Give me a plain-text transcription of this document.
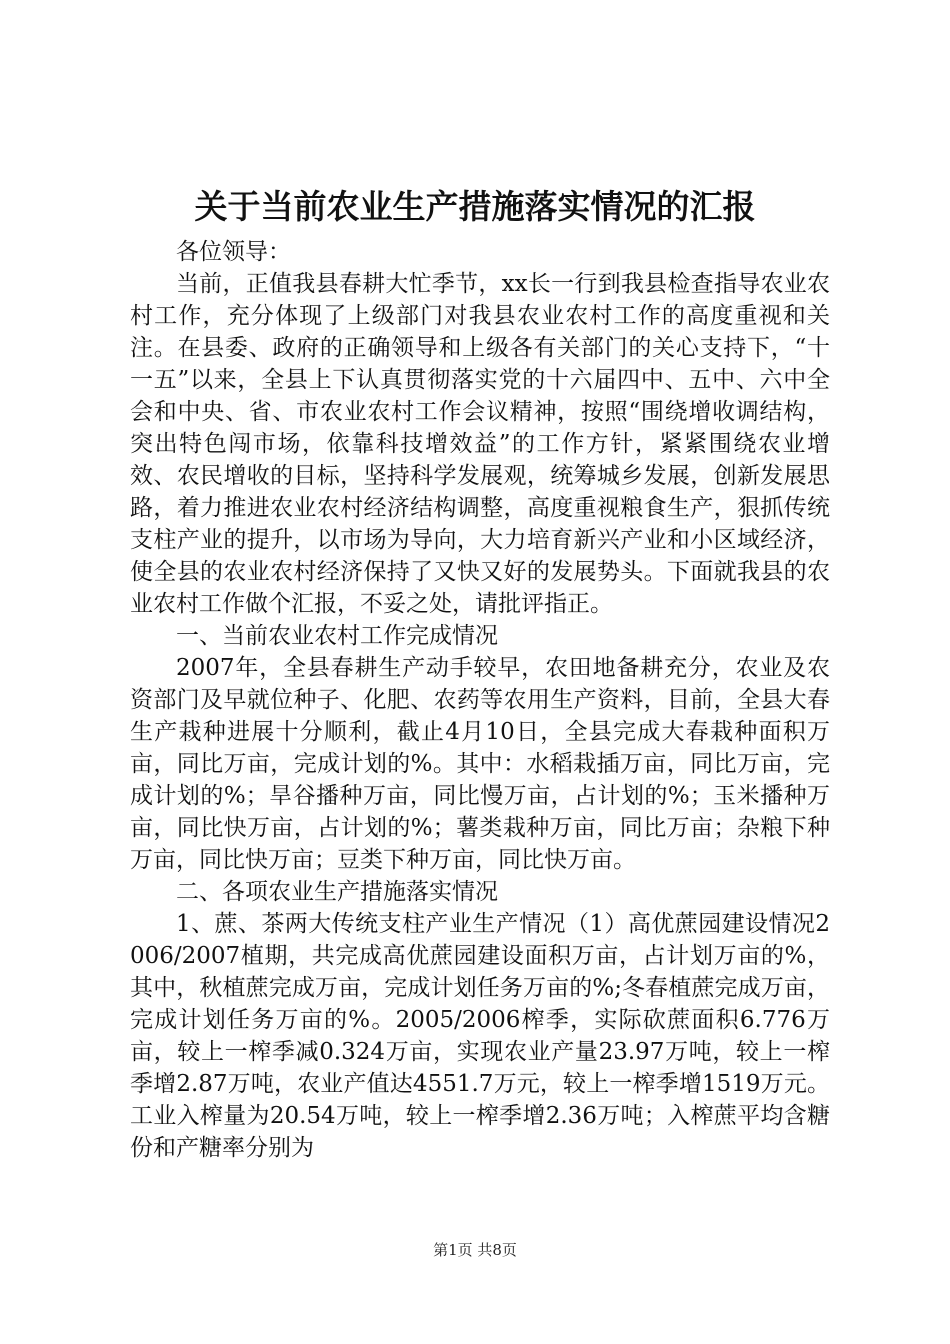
关于当前农业生产措施落实情况的汇报

各位领导：

当前，正值我县春耕大忙季节，xx长一行到我县检查指导农业农村工作，充分体现了上级部门对我县农业农村工作的高度重视和关注。在县委、政府的正确领导和上级各有关部门的关心支持下，“十一五”以来，全县上下认真贯彻落实党的十六届四中、五中、六中全会和中央、省、市农业农村工作会议精神，按照“围绕增收调结构，突出特色闯市场，依靠科技增效益”的工作方针，紧紧围绕农业增效、农民增收的目标，坚持科学发展观，统筹城乡发展，创新发展思路，着力推进农业农村经济结构调整，高度重视粮食生产，狠抓传统支柱产业的提升，以市场为导向，大力培育新兴产业和小区域经济，使全县的农业农村经济保持了又快又好的发展势头。下面就我县的农业农村工作做个汇报，不妥之处，请批评指正。

一、当前农业农村工作完成情况

2007年，全县春耕生产动手较早，农田地备耕充分，农业及农资部门及早就位种子、化肥、农药等农用生产资料，目前，全县大春生产栽种进展十分顺利，截止4月10日，全县完成大春栽种面积万亩，同比万亩，完成计划的%。其中：水稻栽插万亩，同比万亩，完成计划的%；旱谷播种万亩，同比慢万亩，占计划的%；玉米播种万亩，同比快万亩，占计划的%；薯类栽种万亩，同比万亩；杂粮下种万亩，同比快万亩；豆类下种万亩，同比快万亩。

二、各项农业生产措施落实情况

1、蔗、茶两大传统支柱产业生产情况（1）高优蔗园建设情况2006/2007植期，共完成高优蔗园建设面积万亩，占计划万亩的%，其中，秋植蔗完成万亩，完成计划任务万亩的%;冬春植蔗完成万亩，完成计划任务万亩的%。2005/2006榨季，实际砍蔗面积6.776万亩，较上一榨季减0.324万亩，实现农业产量23.97万吨，较上一榨季增2.87万吨，农业产值达4551.7万元，较上一榨季增1519万元。工业入榨量为20.54万吨，较上一榨季增2.36万吨；入榨蔗平均含糖份和产糖率分别为

第1页 共8页
